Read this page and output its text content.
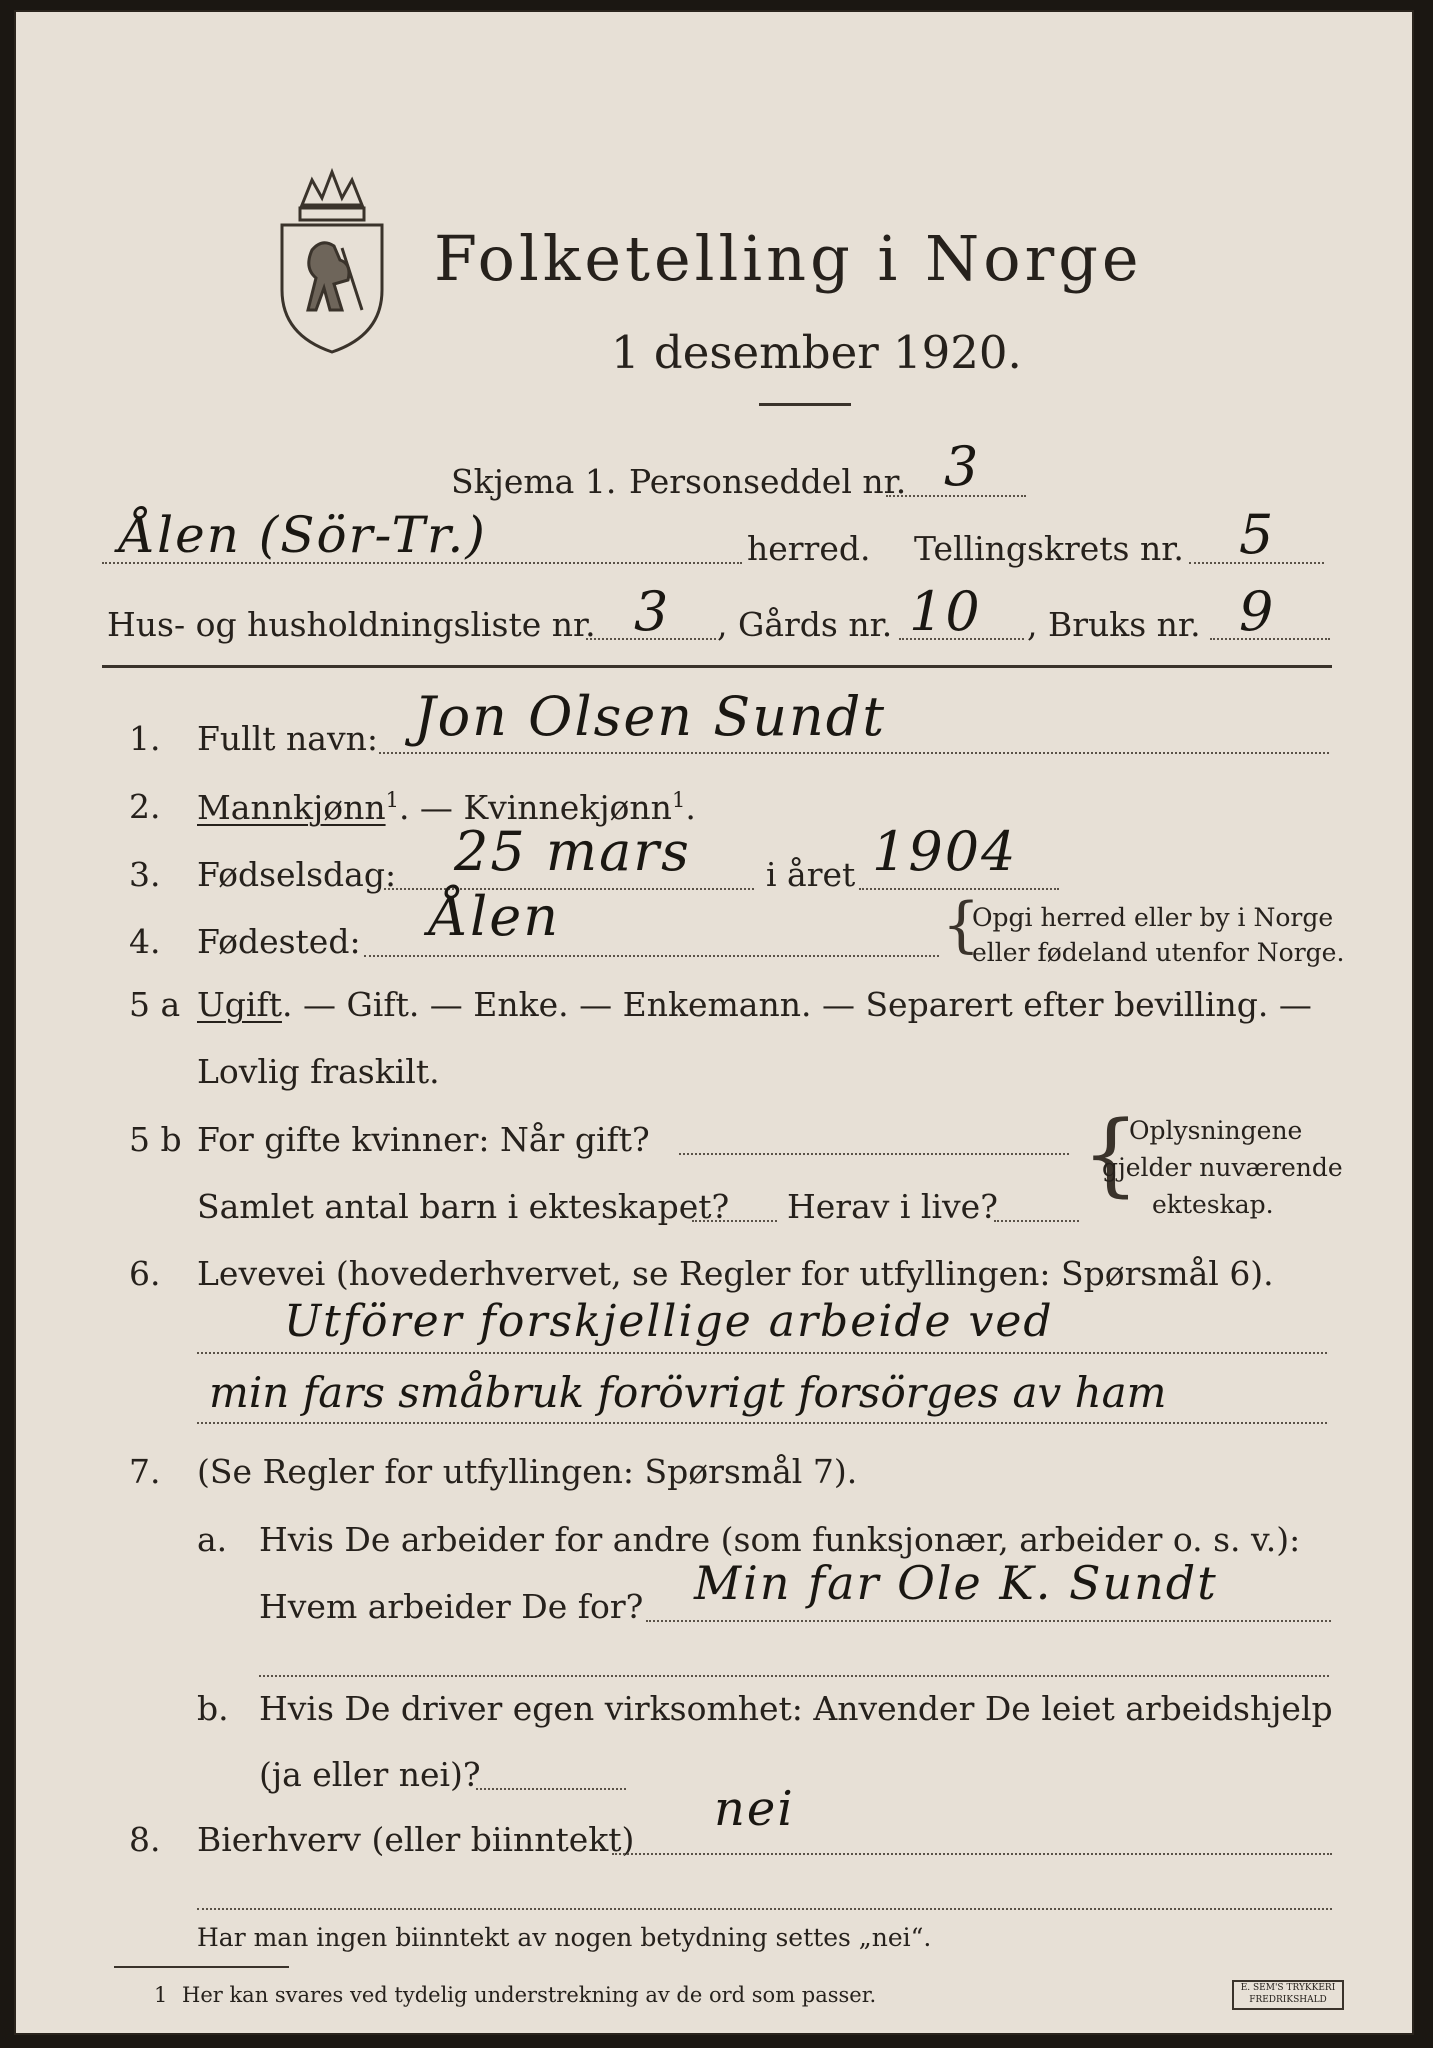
Folketelling i Norge
1 desember 1920.
Skjema 1. Personseddel nr. 3
Ålen (Sör-Tr.)	herred. Tellingskrets nr. 5
Hus- og husholdningsliste nr. 3 , Gårds nr. 10 , Bruks nr. 9
1. Fullt navn: Jon Olsen Sundt
2. Mannkjønn$^1$. — Kvinnekjønn$^1$.
3. Fødselsdag: 25 mars i året 1904
4. Fødested: Ålen	{
Opgi herred eller by i Norge
eller fødeland utenfor Norge.
5 a Ugift. — Gift. — Enke. — Enkemann. — Separert efter bevilling. —
Lovlig fraskilt.
5 b For gifte kvinner: Når gift?
Samlet antal barn i ekteskapet? Herav i live? {
Oplysningene
gjelder nuværende
ekteskap.
6. Levevei (hovederhvervet, se Regler for utfyllingen: Spørsmål 6).
Utförer forskjellige arbeide ved
min fars småbruk forövrigt forsörges av ham
7. (Se Regler for utfyllingen: Spørsmål 7).
a. Hvis De arbeider for andre (som funksjonær, arbeider o. s. v.):
Hvem arbeider De for? Min far Ole K. Sundt
b. Hvis De driver egen virksomhet: Anvender De leiet arbeidshjelp
(ja eller nei)?
8. Bierhverv (eller biinntekt)
nei
Har man ingen biinntekt av nogen betydning settes „nei“.
1 Her kan svares ved tydelig understrekning av de ord som passer.	E. SEM'S TRYKKERI FREDRIKSHALD
